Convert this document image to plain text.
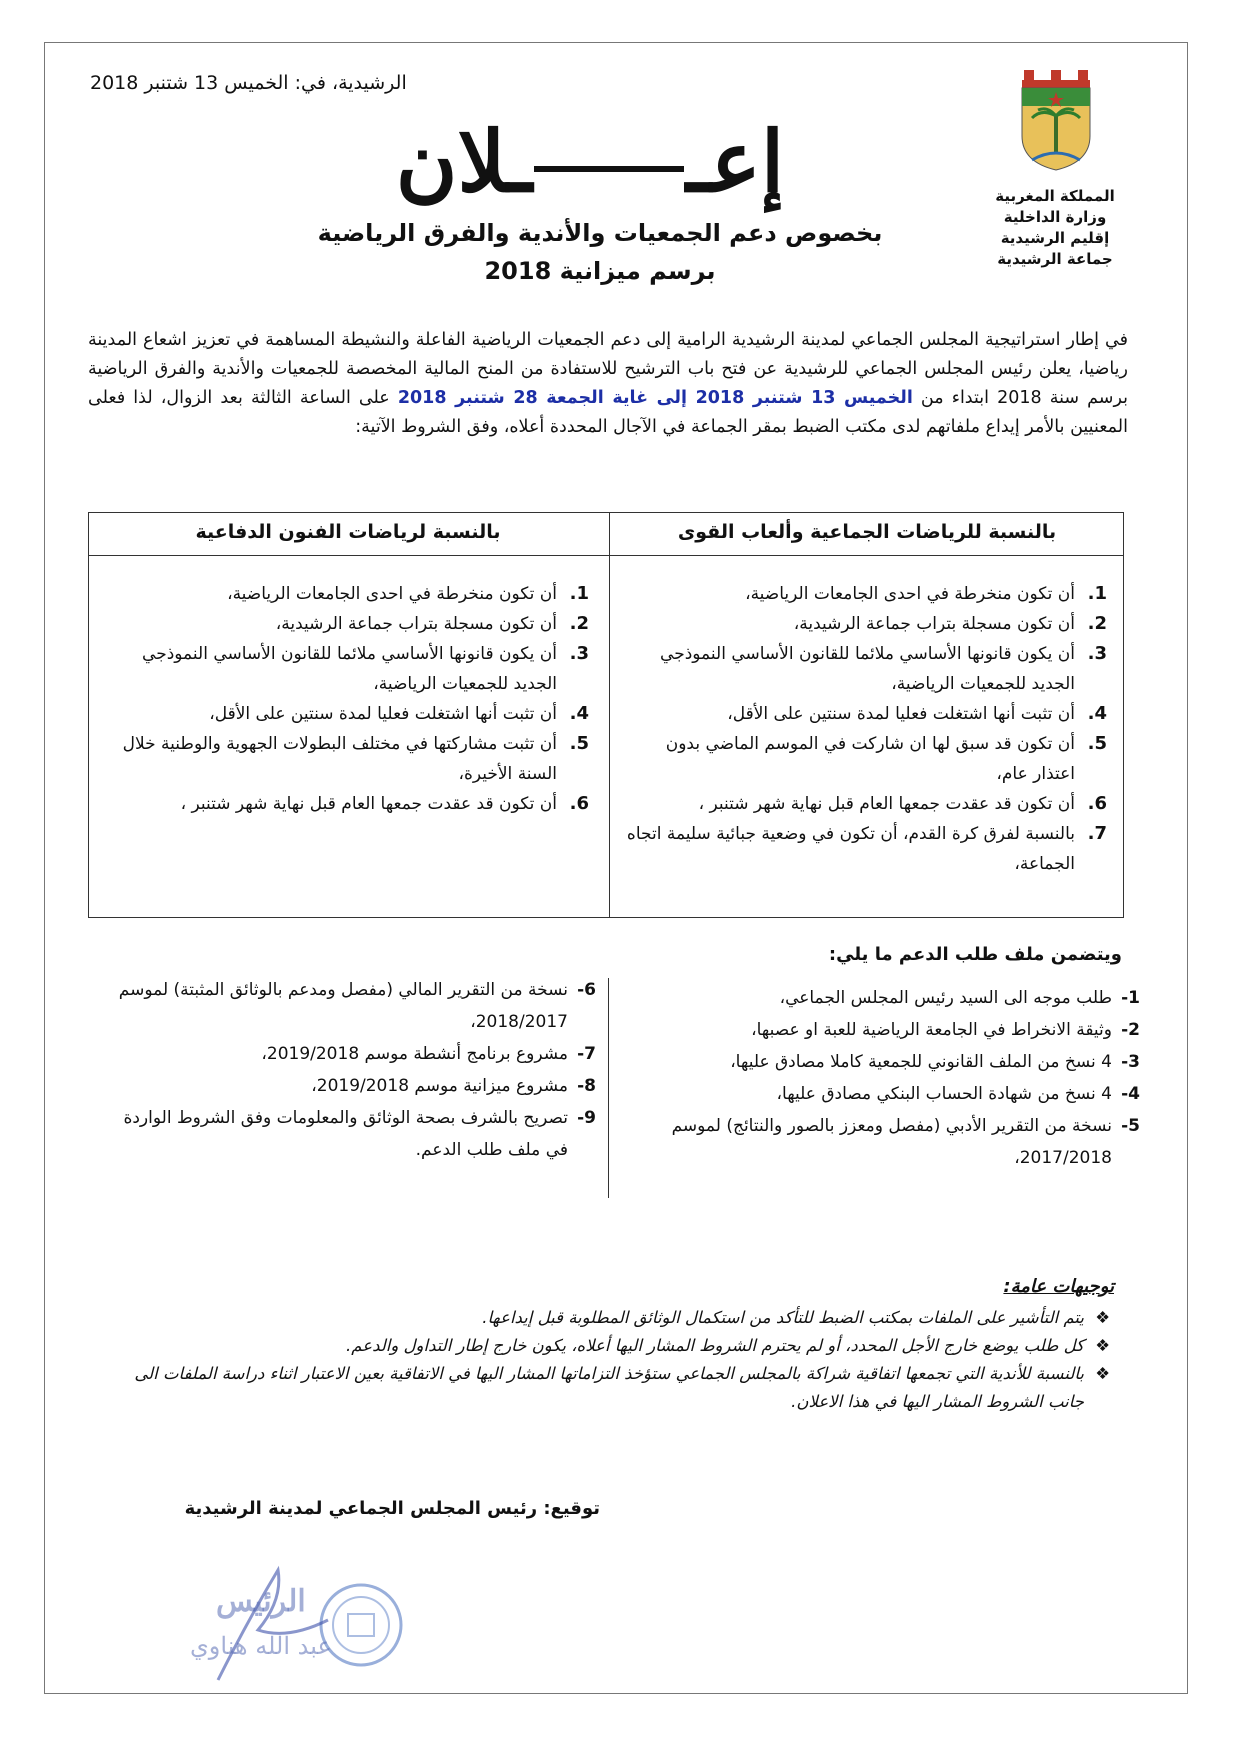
الرشيدية، في: الخميس 13 شتنبر 2018
المملكة المغربية
وزارة الداخلية
إقليم الرشيدية
جماعة الرشيدية
إعــلان
بخصوص دعم الجمعيات والأندية والفرق الرياضية
برسم ميزانية 2018
في إطار استراتيجية المجلس الجماعي لمدينة الرشيدية الرامية إلى دعم الجمعيات الرياضية الفاعلة والنشيطة المساهمة في تعزيز اشعاع المدينة رياضيا، يعلن رئيس المجلس الجماعي للرشيدية عن فتح باب الترشيح للاستفادة من المنح المالية المخصصة للجمعيات والأندية والفرق الرياضية برسم سنة 2018 ابتداء من الخميس 13 شتنبر 2018 إلى غاية الجمعة 28 شتنبر 2018 على الساعة الثالثة بعد الزوال، لذا فعلى المعنيين بالأمر إيداع ملفاتهم لدى مكتب الضبط بمقر الجماعة في الآجال المحددة أعلاه، وفق الشروط الآتية:
بالنسبة للرياضات الجماعية وألعاب القوى
بالنسبة لرياضات الفنون الدفاعية
1.
أن تكون منخرطة في احدى الجامعات الرياضية،
2.
أن تكون مسجلة بتراب جماعة الرشيدية،
3.
أن يكون قانونها الأساسي ملائما للقانون الأساسي النموذجي الجديد للجمعيات الرياضية،
4.
أن تثبت أنها اشتغلت فعليا لمدة سنتين على الأقل،
5.
أن تكون قد سبق لها ان شاركت في الموسم الماضي بدون اعتذار عام،
6.
أن تكون قد عقدت جمعها العام قبل نهاية شهر شتنبر ،
7.
بالنسبة لفرق كرة القدم، أن تكون في وضعية جبائية سليمة اتجاه الجماعة،
1.
أن تكون منخرطة في احدى الجامعات الرياضية،
2.
أن تكون مسجلة بتراب جماعة الرشيدية،
3.
أن يكون قانونها الأساسي ملائما للقانون الأساسي النموذجي الجديد للجمعيات الرياضية،
4.
أن تثبت أنها اشتغلت فعليا لمدة سنتين على الأقل،
5.
أن تثبت مشاركتها في مختلف البطولات الجهوية والوطنية خلال السنة الأخيرة،
6.
أن تكون قد عقدت جمعها العام قبل نهاية شهر شتنبر ،
ويتضمن ملف طلب الدعم ما يلي:
1-
طلب موجه الى السيد رئيس المجلس الجماعي،
2-
وثيقة الانخراط في الجامعة الرياضية للعبة او عصبها،
3-
4 نسخ من الملف القانوني للجمعية كاملا مصادق عليها،
4-
4 نسخ من شهادة الحساب البنكي مصادق عليها،
5-
نسخة من التقرير الأدبي (مفصل ومعزز بالصور والنتائج) لموسم 2017/2018،
6-
نسخة من التقرير المالي (مفصل ومدعم بالوثائق المثبتة) لموسم 2018/2017،
7-
مشروع برنامج أنشطة موسم 2019/2018،
8-
مشروع ميزانية موسم 2019/2018،
9-
تصريح بالشرف بصحة الوثائق والمعلومات وفق الشروط الواردة في ملف طلب الدعم.
توجيهات عامة:
❖
يتم التأشير على الملفات بمكتب الضبط للتأكد من استكمال الوثائق المطلوبة قبل إيداعها.
❖
كل طلب يوضع خارج الأجل المحدد، أو لم يحترم الشروط المشار اليها أعلاه، يكون خارج إطار التداول والدعم.
❖
بالنسبة للأندية التي تجمعها اتفاقية شراكة بالمجلس الجماعي ستؤخذ التزاماتها المشار اليها في الاتفاقية بعين الاعتبار اثناء دراسة الملفات الى جانب الشروط المشار اليها في هذا الاعلان.
توقيع: رئيس المجلس الجماعي لمدينة الرشيدية
الرئيس
عبد الله هناوي
